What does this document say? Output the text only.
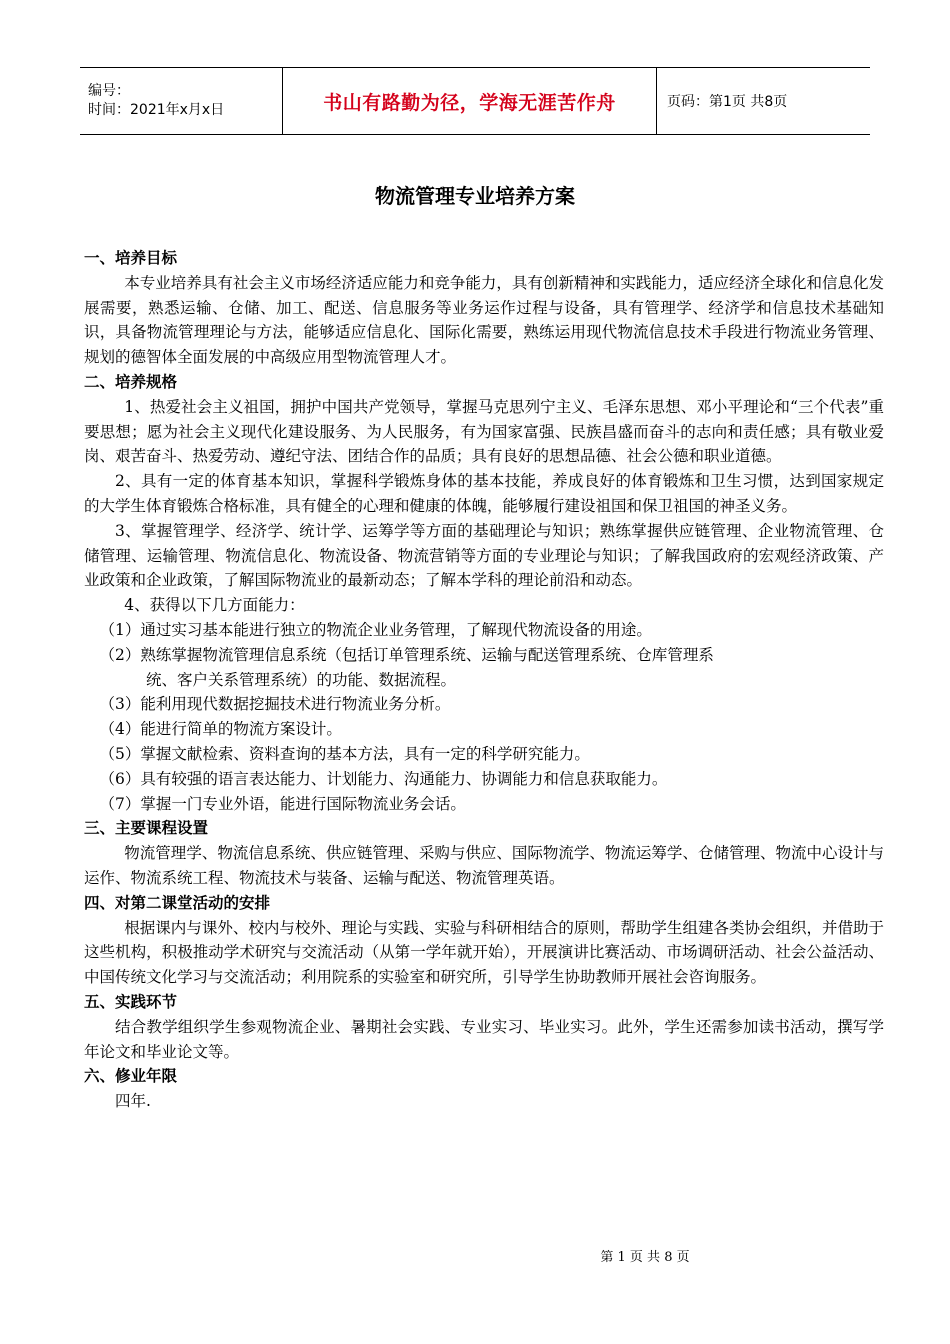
编号：
时间：2021年x月x日	书山有路勤为径，学海无涯苦作舟	页码：第1页 共8页
物流管理专业培养方案
一、培养目标
本专业培养具有社会主义市场经济适应能力和竞争能力，具有创新精神和实践能力，适应经济全球化和信息化发展需要，熟悉运输、仓储、加工、配送、信息服务等业务运作过程与设备，具有管理学、经济学和信息技术基础知识，具备物流管理理论与方法，能够适应信息化、国际化需要，熟练运用现代物流信息技术手段进行物流业务管理、规划的德智体全面发展的中高级应用型物流管理人才。
二、培养规格
1、热爱社会主义祖国，拥护中国共产党领导，掌握马克思列宁主义、毛泽东思想、邓小平理论和“三个代表”重要思想；愿为社会主义现代化建设服务、为人民服务，有为国家富强、民族昌盛而奋斗的志向和责任感；具有敬业爱岗、艰苦奋斗、热爱劳动、遵纪守法、团结合作的品质；具有良好的思想品德、社会公德和职业道德。
2、具有一定的体育基本知识，掌握科学锻炼身体的基本技能，养成良好的体育锻炼和卫生习惯，达到国家规定的大学生体育锻炼合格标准，具有健全的心理和健康的体魄，能够履行建设祖国和保卫祖国的神圣义务。
3、掌握管理学、经济学、统计学、运筹学等方面的基础理论与知识；熟练掌握供应链管理、企业物流管理、仓储管理、运输管理、物流信息化、物流设备、物流营销等方面的专业理论与知识；了解我国政府的宏观经济政策、产业政策和企业政策，了解国际物流业的最新动态；了解本学科的理论前沿和动态。
4、获得以下几方面能力：
（1）通过实习基本能进行独立的物流企业业务管理，了解现代物流设备的用途。
（2）熟练掌握物流管理信息系统（包括订单管理系统、运输与配送管理系统、仓库管理系
统、客户关系管理系统）的功能、数据流程。
（3）能利用现代数据挖掘技术进行物流业务分析。
（4）能进行简单的物流方案设计。
（5）掌握文献检索、资料查询的基本方法，具有一定的科学研究能力。
（6）具有较强的语言表达能力、计划能力、沟通能力、协调能力和信息获取能力。
（7）掌握一门专业外语，能进行国际物流业务会话。
三、主要课程设置
物流管理学、物流信息系统、供应链管理、采购与供应、国际物流学、物流运筹学、仓储管理、物流中心设计与运作、物流系统工程、物流技术与装备、运输与配送、物流管理英语。
四、对第二课堂活动的安排
根据课内与课外、校内与校外、理论与实践、实验与科研相结合的原则，帮助学生组建各类协会组织，并借助于这些机构，积极推动学术研究与交流活动（从第一学年就开始），开展演讲比赛活动、市场调研活动、社会公益活动、中国传统文化学习与交流活动；利用院系的实验室和研究所，引导学生协助教师开展社会咨询服务。
五、实践环节
结合教学组织学生参观物流企业、暑期社会实践、专业实习、毕业实习。此外，学生还需参加读书活动，撰写学年论文和毕业论文等。
六、修业年限
四年.
第 1 页 共 8 页
